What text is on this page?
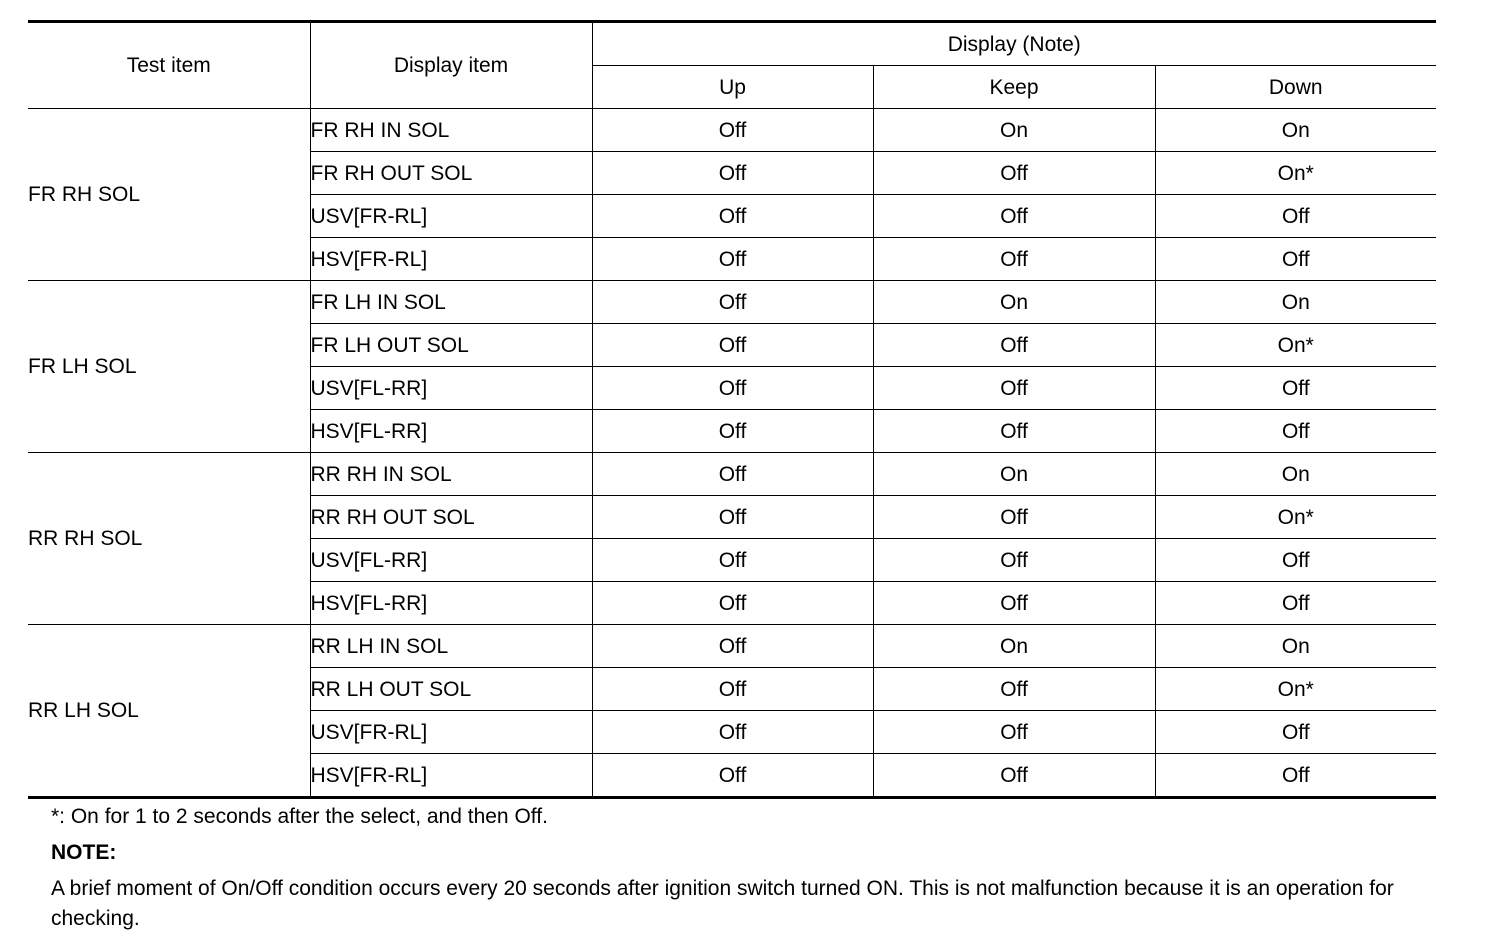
Test item	Display item	Display (Note)		
		Up	Keep	Down
FR RH SOL	FR RH IN SOL	Off	On	On
	FR RH OUT SOL	Off	Off	On*
	USV[FR-RL]	Off	Off	Off
	HSV[FR-RL]	Off	Off	Off
FR LH SOL	FR LH IN SOL	Off	On	On
	FR LH OUT SOL	Off	Off	On*
	USV[FL-RR]	Off	Off	Off
	HSV[FL-RR]	Off	Off	Off
RR RH SOL	RR RH IN SOL	Off	On	On
	RR RH OUT SOL	Off	Off	On*
	USV[FL-RR]	Off	Off	Off
	HSV[FL-RR]	Off	Off	Off
RR LH SOL	RR LH IN SOL	Off	On	On
	RR LH OUT SOL	Off	Off	On*
	USV[FR-RL]	Off	Off	Off
	HSV[FR-RL]	Off	Off	Off

*: On for 1 to 2 seconds after the select, and then Off.

NOTE:

A brief moment of On/Off condition occurs every 20 seconds after ignition switch turned ON. This is not malfunction because it is an operation for checking.
